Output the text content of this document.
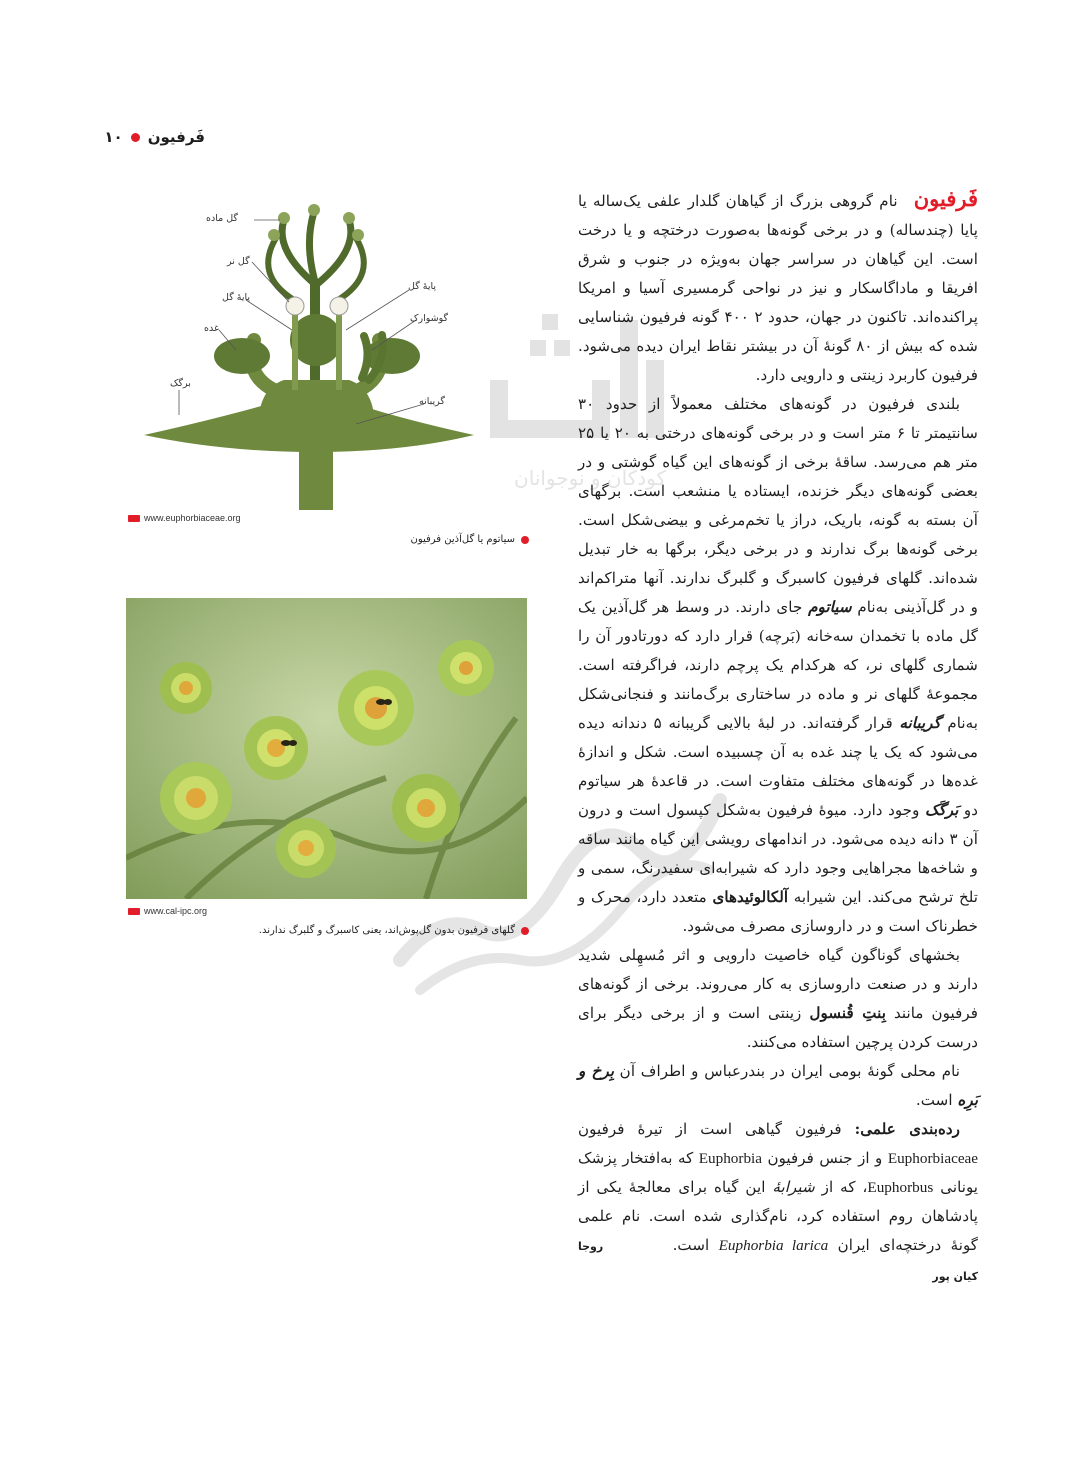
فَرفیون
۱۰
کودکان و نوجوانان
گل ماده
گل نر
پایهٔ گل
غده
پایهٔ گل
گوشوارک
گریبانه
برگک
www.euphorbiaceae.org
سیاتوم یا گل‌آذین فرفیون
www.cal-ipc.org
گلهای فرفیون بدون گل‌پوش‌اند، یعنی کاسبرگ و گلبرگ ندارند.

فَرفیون نام گروهی بزرگ از گیاهان گلدار علفی یک‌ساله یا پایا (چندساله) و در برخی گونه‌ها به‌صورت درختچه و یا درخت است. این گیاهان در سراسر جهان به‌ویژه در جنوب و شرق افریقا و ماداگاسکار و نیز در نواحی گرمسیری آسیا و امریکا پراکنده‌اند. تاکنون در جهان، حدود ۲ ۴۰۰ گونه فرفیون شناسایی شده که بیش از ۸۰ گونهٔ آن در بیشتر نقاط ایران دیده می‌شود. فرفیون کاربرد زینتی و دارویی دارد.

بلندی فرفیون در گونه‌های مختلف معمولاً از حدود ۳۰ سانتیمتر تا ۶ متر است و در برخی گونه‌های درختی به ۲۰ یا ۲۵ متر هم می‌رسد. ساقهٔ برخی از گونه‌های این گیاه گوشتی و در بعضی گونه‌های دیگر خزنده، ایستاده یا منشعب است. برگهای آن بسته به گونه، باریک، دراز یا تخم‌مرغی و بیضی‌شکل است. برخی گونه‌ها برگ ندارند و در برخی دیگر، برگها به خار تبدیل شده‌اند. گلهای فرفیون کاسبرگ و گلبرگ ندارند. آنها متراکم‌اند و در گل‌آذینی به‌نام سیاتوم جای دارند. در وسط هر گل‌آذین یک گل ماده با تخمدان سه‌خانه (بَرچه) قرار دارد که دورتادور آن را شماری گلهای نر، که هرکدام یک پرچم دارند، فراگرفته است. مجموعهٔ گلهای نر و ماده در ساختاری برگ‌مانند و فنجانی‌شکل به‌نام گریبانه قرار گرفته‌اند. در لبهٔ بالایی گریبانه ۵ دندانه دیده می‌شود که یک یا چند غده به آن چسبیده است. شکل و اندازهٔ غده‌ها در گونه‌های مختلف متفاوت است. در قاعدهٔ هر سیاتوم دو بَرگَک وجود دارد. میوهٔ فرفیون به‌شکل کپسول است و درون آن ۳ دانه دیده می‌شود. در اندامهای رویشی این گیاه مانند ساقه و شاخه‌ها مجراهایی وجود دارد که شیرابه‌ای سفیدرنگ، سمی و تلخ ترشح می‌کند. این شیرابه آلکالوئیدهای متعدد دارد، محرک و خطرناک است و در داروسازی مصرف می‌شود.

بخشهای گوناگون گیاه خاصیت دارویی و اثر مُسهِلی شدید دارند و در صنعت داروسازی به کار می‌روند. برخی از گونه‌های فرفیون مانند بِنتِ قُنسول زینتی است و از برخی دیگر برای درست کردن پرچین استفاده می‌کنند.

نام محلی گونهٔ بومی ایران در بندرعباس و اطراف آن بِرخ و بَرِه است.

رده‌بندی علمی: فرفیون گیاهی است از تیرهٔ فرفیون Euphorbiaceae و از جنس فرفیون Euphorbia که به‌افتخار پزشک یونانی Euphorbus، که از شیرابهٔ این گیاه برای معالجهٔ یکی از پادشاهان روم استفاده کرد، نام‌گذاری شده است. نام علمی گونهٔ درختچه‌ای ایران Euphorbia larica است. روجا کیان پور
